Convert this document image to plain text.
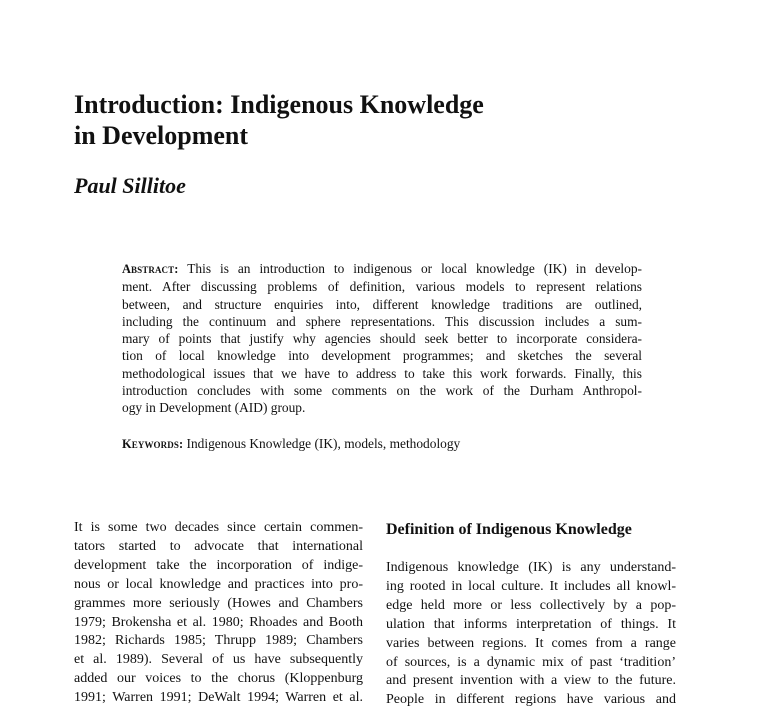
Introduction: Indigenous Knowledge
in Development

Paul Sillitoe

Abstract: This is an introduction to indigenous or local knowledge (IK) in develop-
ment. After discussing problems of definition, various models to represent relations
between, and structure enquiries into, different knowledge traditions are outlined,
including the continuum and sphere representations. This discussion includes a sum-
mary of points that justify why agencies should seek better to incorporate considera-
tion of local knowledge into development programmes; and sketches the several
methodological issues that we have to address to take this work forwards. Finally, this
introduction concludes with some comments on the work of the Durham Anthropol-
ogy in Development (AID) group.
Keywords: Indigenous Knowledge (IK), models, methodology
It is some two decades since certain commen-
tators started to advocate that international
development take the incorporation of indige-
nous or local knowledge and practices into pro-
grammes more seriously (Howes and Chambers
1979; Brokensha et al. 1980; Rhoades and Booth
1982; Richards 1985; Thrupp 1989; Chambers
et al. 1989). Several of us have subsequently
added our voices to the chorus (Kloppenburg
1991; Warren 1991; DeWalt 1994; Warren et al.
Definition of Indigenous Knowledge
Indigenous knowledge (IK) is any understand-
ing rooted in local culture. It includes all knowl-
edge held more or less collectively by a pop-
ulation that informs interpretation of things. It
varies between regions. It comes from a range
of sources, is a dynamic mix of past ‘tradition’
and present invention with a view to the future.
People in different regions have various and
